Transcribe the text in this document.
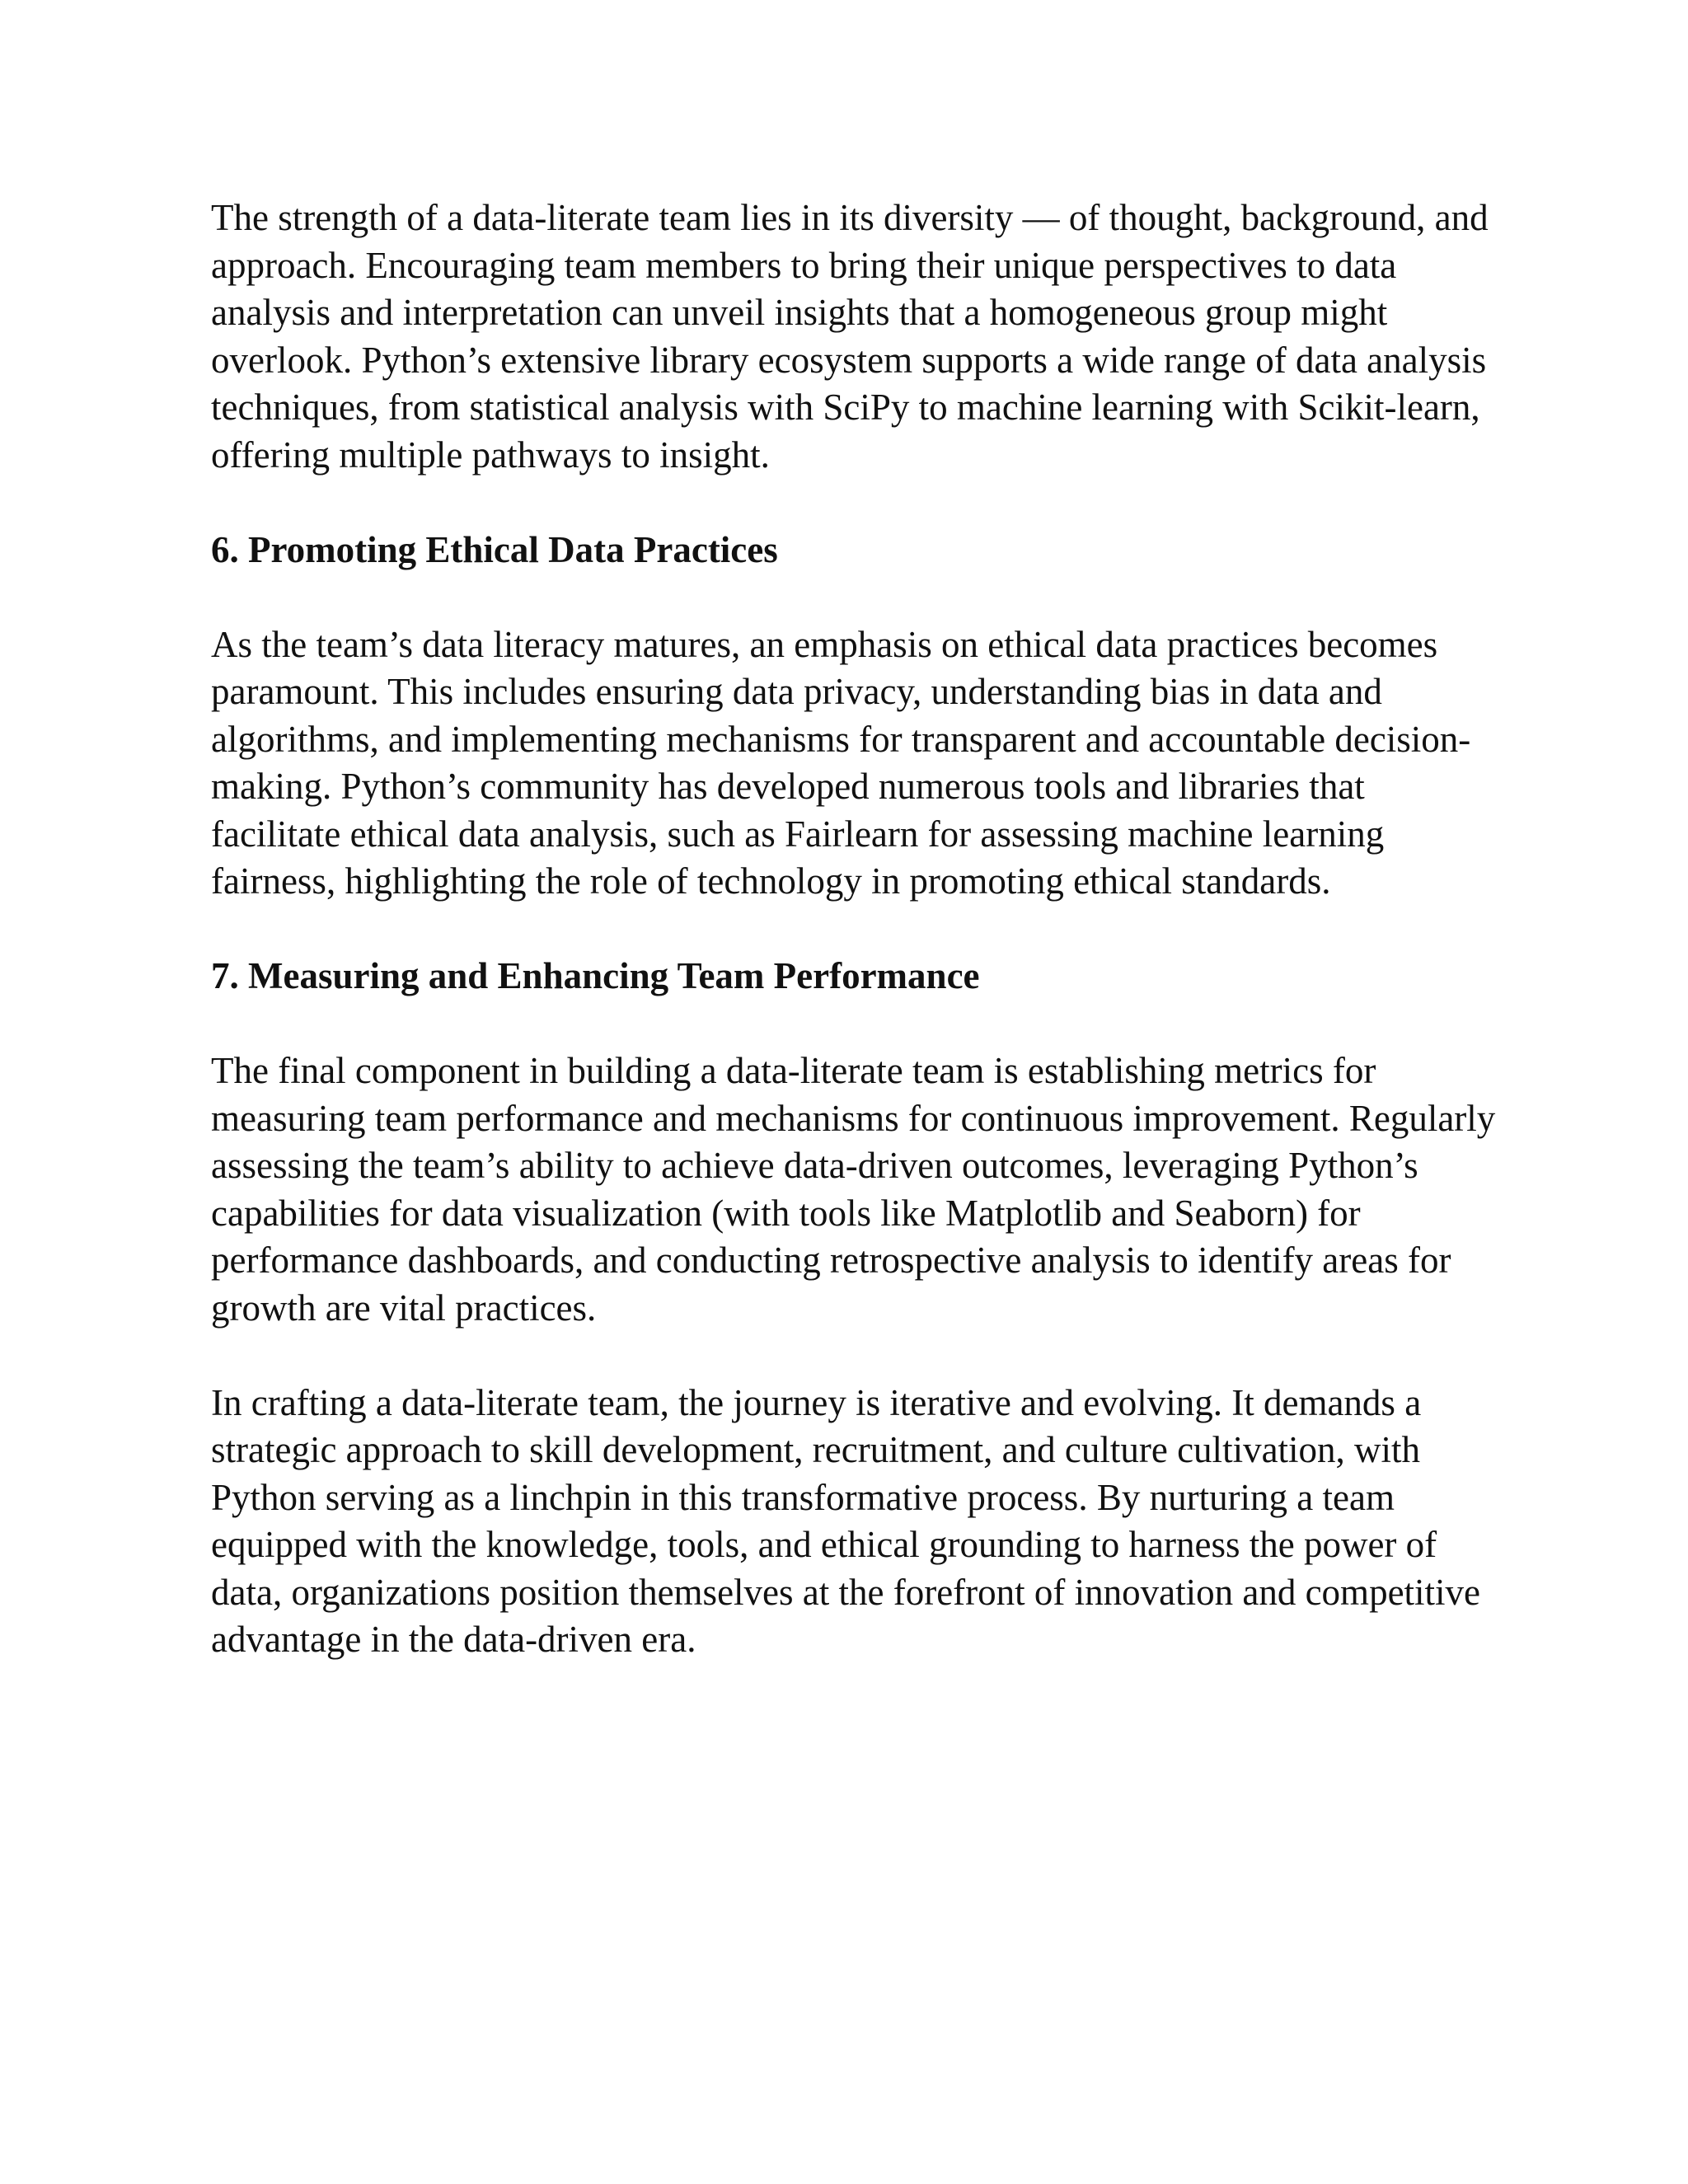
The strength of a data-literate team lies in its diversity — of thought, background, and approach. Encouraging team members to bring their unique perspectives to data analysis and interpretation can unveil insights that a homogeneous group might overlook. Python’s extensive library ecosystem supports a wide range of data analysis techniques, from statistical analysis with SciPy to machine learning with Scikit-learn, offering multiple pathways to insight.

6. Promoting Ethical Data Practices

As the team’s data literacy matures, an emphasis on ethical data practices becomes paramount. This includes ensuring data privacy, understanding bias in data and algorithms, and implementing mechanisms for transparent and accountable decision-making. Python’s community has developed numerous tools and libraries that facilitate ethical data analysis, such as Fairlearn for assessing machine learning fairness, highlighting the role of technology in promoting ethical standards.

7. Measuring and Enhancing Team Performance

The final component in building a data-literate team is establishing metrics for measuring team performance and mechanisms for continuous improvement. Regularly assessing the team’s ability to achieve data-driven outcomes, leveraging Python’s capabilities for data visualization (with tools like Matplotlib and Seaborn) for performance dashboards, and conducting retrospective analysis to identify areas for growth are vital practices.

In crafting a data-literate team, the journey is iterative and evolving. It demands a strategic approach to skill development, recruitment, and culture cultivation, with Python serving as a linchpin in this transformative process. By nurturing a team equipped with the knowledge, tools, and ethical grounding to harness the power of data, organizations position themselves at the forefront of innovation and competitive advantage in the data-driven era.
